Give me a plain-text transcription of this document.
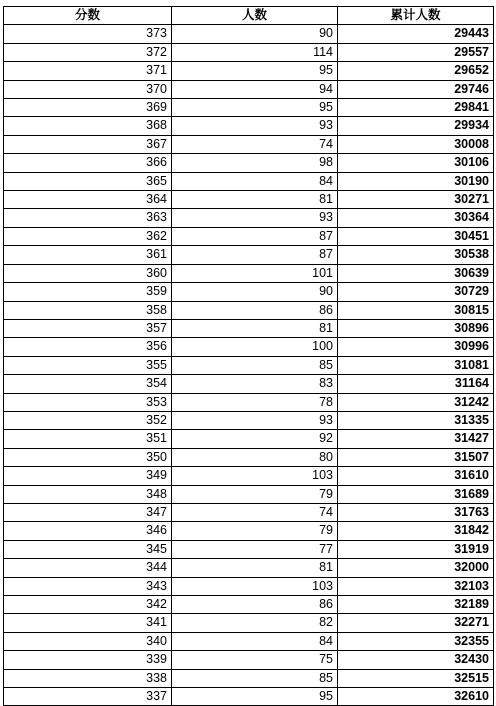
分数	人数	累计人数
373	90	29443
372	114	29557
371	95	29652
370	94	29746
369	95	29841
368	93	29934
367	74	30008
366	98	30106
365	84	30190
364	81	30271
363	93	30364
362	87	30451
361	87	30538
360	101	30639
359	90	30729
358	86	30815
357	81	30896
356	100	30996
355	85	31081
354	83	31164
353	78	31242
352	93	31335
351	92	31427
350	80	31507
349	103	31610
348	79	31689
347	74	31763
346	79	31842
345	77	31919
344	81	32000
343	103	32103
342	86	32189
341	82	32271
340	84	32355
339	75	32430
338	85	32515
337	95	32610
